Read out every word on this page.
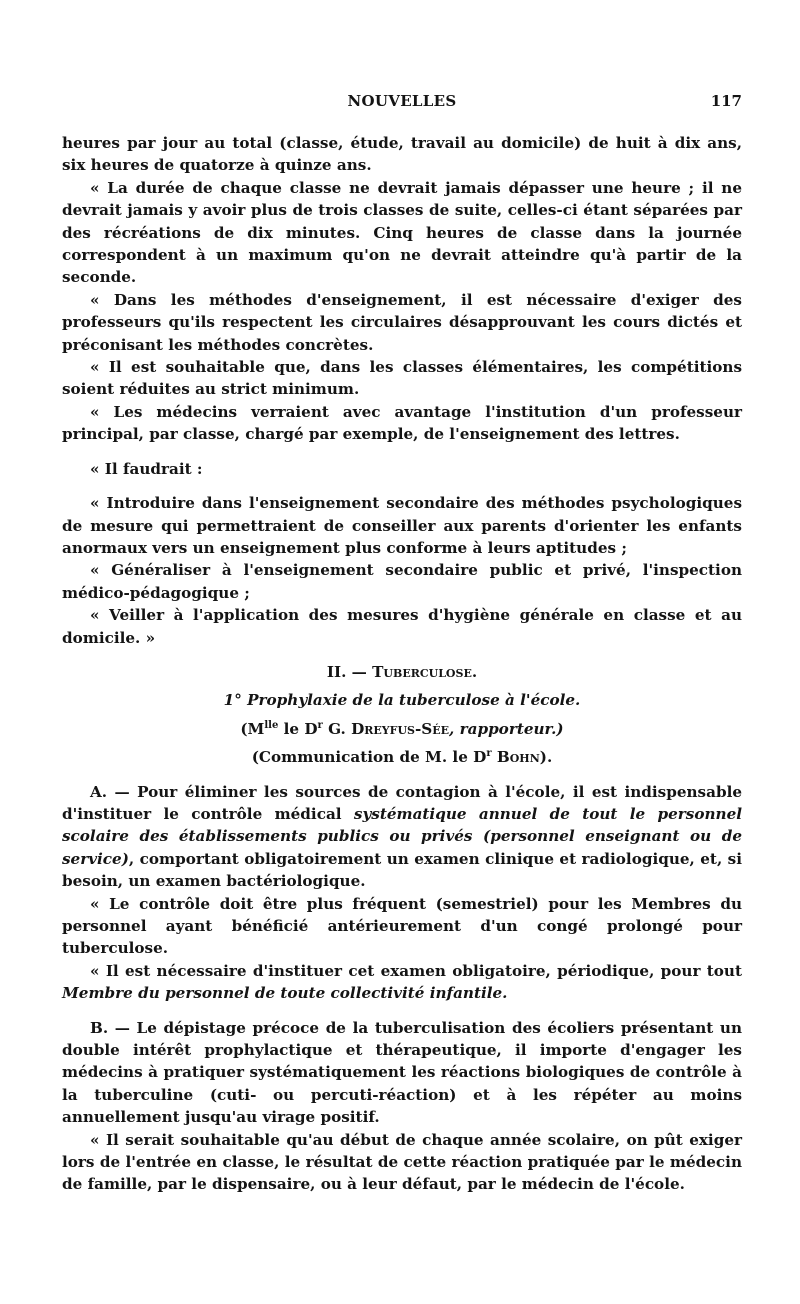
NOUVELLES	117

heures par jour au total (classe, étude, travail au domicile) de huit à dix ans, six heures de quatorze à quinze ans.

« La durée de chaque classe ne devrait jamais dépasser une heure ; il ne devrait jamais y avoir plus de trois classes de suite, celles-ci étant séparées par des récréations de dix minutes. Cinq heures de classe dans la journée correspondent à un maximum qu'on ne devrait atteindre qu'à partir de la seconde.

« Dans les méthodes d'enseignement, il est nécessaire d'exiger des professeurs qu'ils respectent les circulaires désapprouvant les cours dictés et préconisant les méthodes concrètes.

« Il est souhaitable que, dans les classes élémentaires, les compétitions soient réduites au strict minimum.

« Les médecins verraient avec avantage l'institution d'un professeur principal, par classe, chargé par exemple, de l'enseignement des lettres.

« Il faudrait :

« Introduire dans l'enseignement secondaire des méthodes psychologiques de mesure qui permettraient de conseiller aux parents d'orienter les enfants anormaux vers un enseignement plus conforme à leurs aptitudes ;

« Généraliser à l'enseignement secondaire public et privé, l'inspection médico-pédagogique ;

« Veiller à l'application des mesures d'hygiène générale en classe et au domicile. »

II. — Tuberculose.

1° Prophylaxie de la tuberculose à l'école.

($M^{lle}$ le $D^r$ G. Dreyfus-Sée, rapporteur.)

(Communication de M. le $D^r$ Bohn).

A. — Pour éliminer les sources de contagion à l'école, il est indispensable d'instituer le contrôle médical systématique annuel de tout le personnel scolaire des établissements publics ou privés (personnel enseignant ou de service), comportant obligatoirement un examen clinique et radiologique, et, si besoin, un examen bactériologique.

« Le contrôle doit être plus fréquent (semestriel) pour les Membres du personnel ayant bénéficié antérieurement d'un congé prolongé pour tuberculose.

« Il est nécessaire d'instituer cet examen obligatoire, périodique, pour tout Membre du personnel de toute collectivité infantile.

B. — Le dépistage précoce de la tuberculisation des écoliers présentant un double intérêt prophylactique et thérapeutique, il importe d'engager les médecins à pratiquer systématiquement les réactions biologiques de contrôle à la tuberculine (cuti- ou percuti-réaction) et à les répéter au moins annuellement jusqu'au virage positif.

« Il serait souhaitable qu'au début de chaque année scolaire, on pût exiger lors de l'entrée en classe, le résultat de cette réaction pratiquée par le médecin de famille, par le dispensaire, ou à leur défaut, par le médecin de l'école.
